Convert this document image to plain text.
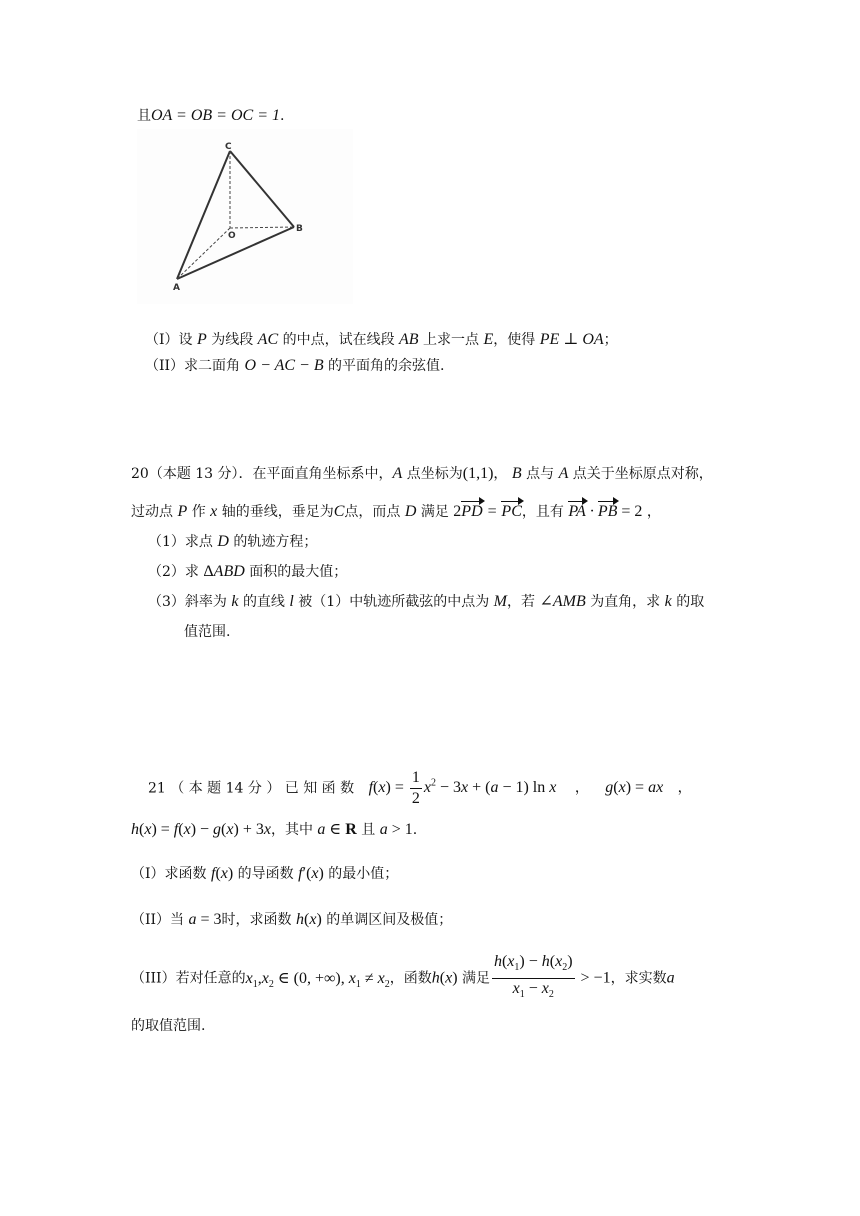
且OA = OB = OC = 1.
C
O
B
A
（I）设 P 为线段 AC 的中点，试在线段 AB 上求一点 E，使得 PE ⊥ OA；
（II）求二面角 O − AC − B 的平面角的余弦值.
20（本题 13 分）．在平面直角坐标系中，A 点坐标为(1,1)， B 点与 A 点关于坐标原点对称，
过动点 P 作 x 轴的垂线，垂足为C点，而点 D 满足 2PD = PC，且有 PA · PB = 2 ，
（1）求点 D 的轨迹方程；
（2）求 ΔABD 面积的最大值；
（3）斜率为 k 的直线 l 被（1）中轨迹所截弦的中点为 M，若 ∠AMB 为直角，求 k 的取
值范围.
21 （ 本 题 14 分 ） 已 知 函 数 $f(x) = \frac{1}{2} x^2 - 3x + (a - 1)$ ln x ， g(x) = ax ，
h(x) = f(x) − g(x) + 3x，其中 a ∈ R 且 a > 1.
（I）求函数 f(x) 的导函数 f′(x) 的最小值；
（II）当 a = 3时，求函数 h(x) 的单调区间及极值；
（III）若对任意的$x_1,x_2$ ∈ (0, +∞), $x_1 \ne x_2$，函数h(x) 满足 $\frac{h(x_1) - h(x_2)}{x_1 - x_2} > -1$，求实数a
的取值范围.
